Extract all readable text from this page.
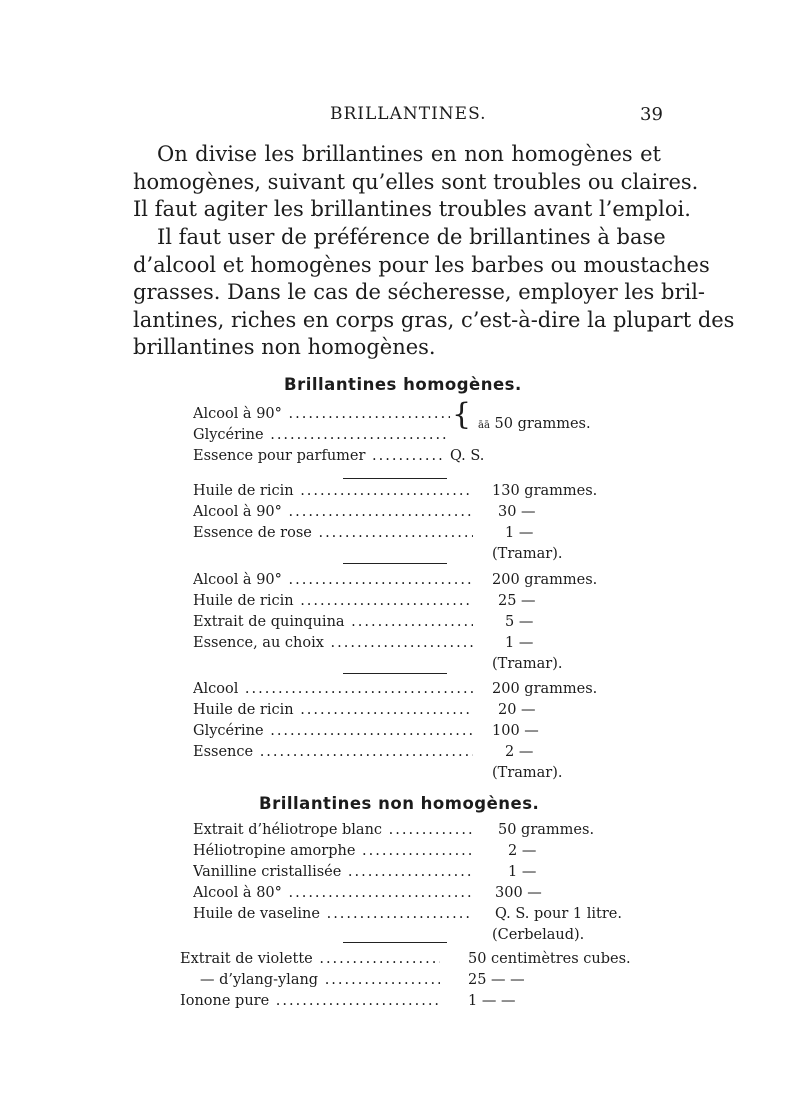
BRILLANTINES.	39
On divise les brillantines en non homogènes et
homogènes, suivant qu’elles sont troubles ou claires.
Il faut agiter les brillantines troubles avant l’emploi.
Il faut user de préférence de brillantines à base
d’alcool et homogènes pour les barbes ou moustaches
grasses. Dans le cas de sécheresse, employer les bril-
lantines, riches en corps gras, c’est-à-dire la plupart des
brillantines non homogènes.
Brillantines homogènes.
Alcool à 90° .....
Glycérine .....
{ āā 50 grammes.
Essence pour parfumer .....	Q. S.
Huile de ricin .....	130 grammes.
Alcool à 90° .....	30 —
Essence de rose .....	1 —
(Tramar).
Alcool à 90° .....	200 grammes.
Huile de ricin .....	25 —
Extrait de quinquina .....	5 —
Essence, au choix .....	1 —
(Tramar).
Alcool .....	200 grammes.
Huile de ricin .....	20 —
Glycérine .....	100 —
Essence .....	2 —
(Tramar).
Brillantines non homogènes.
Extrait d’héliotrope blanc .....	50 grammes.
Héliotropine amorphe .....	2 —
Vanilline cristallisée .....	1 —
Alcool à 80° .....	300 —
Huile de vaseline .....	Q. S. pour 1 litre.
(Cerbelaud).
Extrait de violette .....	50 centimètres cubes.
— d’ylang-ylang .....	25 — —
Ionone pure .....	1 — —
